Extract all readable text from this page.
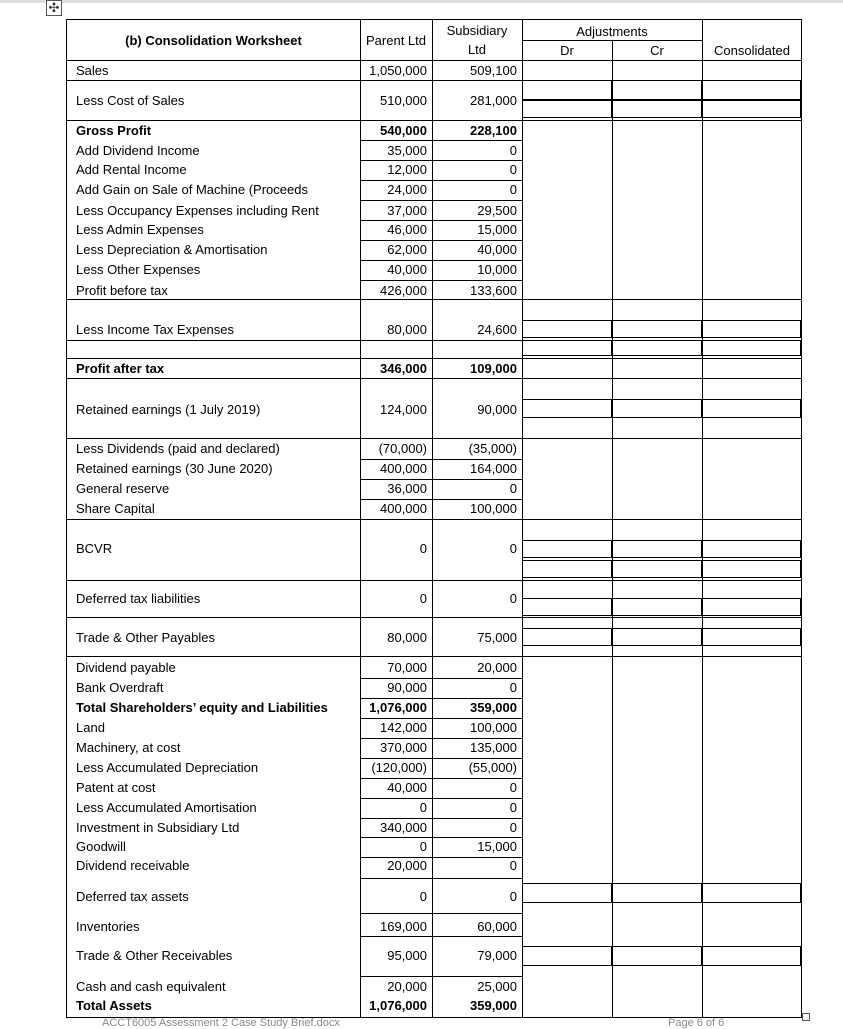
✣
(b) Consolidation Worksheet	Parent Ltd
Subsidiary
Ltd
Adjustments
Dr	Cr	Consolidated
Sales	1,050,000	509,100
Less Cost of Sales	510,000	281,000
Gross Profit	540,000	228,100
Add Dividend Income	35,000	0
Add Rental Income	12,000	0
Add Gain on Sale of Machine (Proceeds	24,000	0
Less Occupancy Expenses including Rent	37,000	29,500
Less Admin Expenses	46,000	15,000
Less Depreciation & Amortisation	62,000	40,000
Less Other Expenses	40,000	10,000
Profit before tax	426,000	133,600
Less Income Tax Expenses	80,000	24,600
Profit after tax	346,000	109,000
Retained earnings (1 July 2019)	124,000	90,000
Less Dividends (paid and declared)	(70,000)	(35,000)
Retained earnings (30 June 2020)	400,000	164,000
General reserve	36,000	0
Share Capital	400,000	100,000
BCVR	0	0
Deferred tax liabilities	0	0
Trade & Other Payables	80,000	75,000
Dividend payable	70,000	20,000
Bank Overdraft	90,000	0
Total Shareholders’ equity and Liabilities	1,076,000	359,000
Land	142,000	100,000
Machinery, at cost	370,000	135,000
Less Accumulated Depreciation	(120,000)	(55,000)
Patent at cost	40,000	0
Less Accumulated Amortisation	0	0
Investment in Subsidiary Ltd	340,000	0
Goodwill	0	15,000
Dividend receivable	20,000	0
Deferred tax assets	0	0
Inventories	169,000	60,000
Trade & Other Receivables	95,000	79,000
Cash and cash equivalent	20,000	25,000
Total Assets	1,076,000	359,000
ACCT6005 Assessment 2 Case Study Brief.docx	Page 6 of 6
